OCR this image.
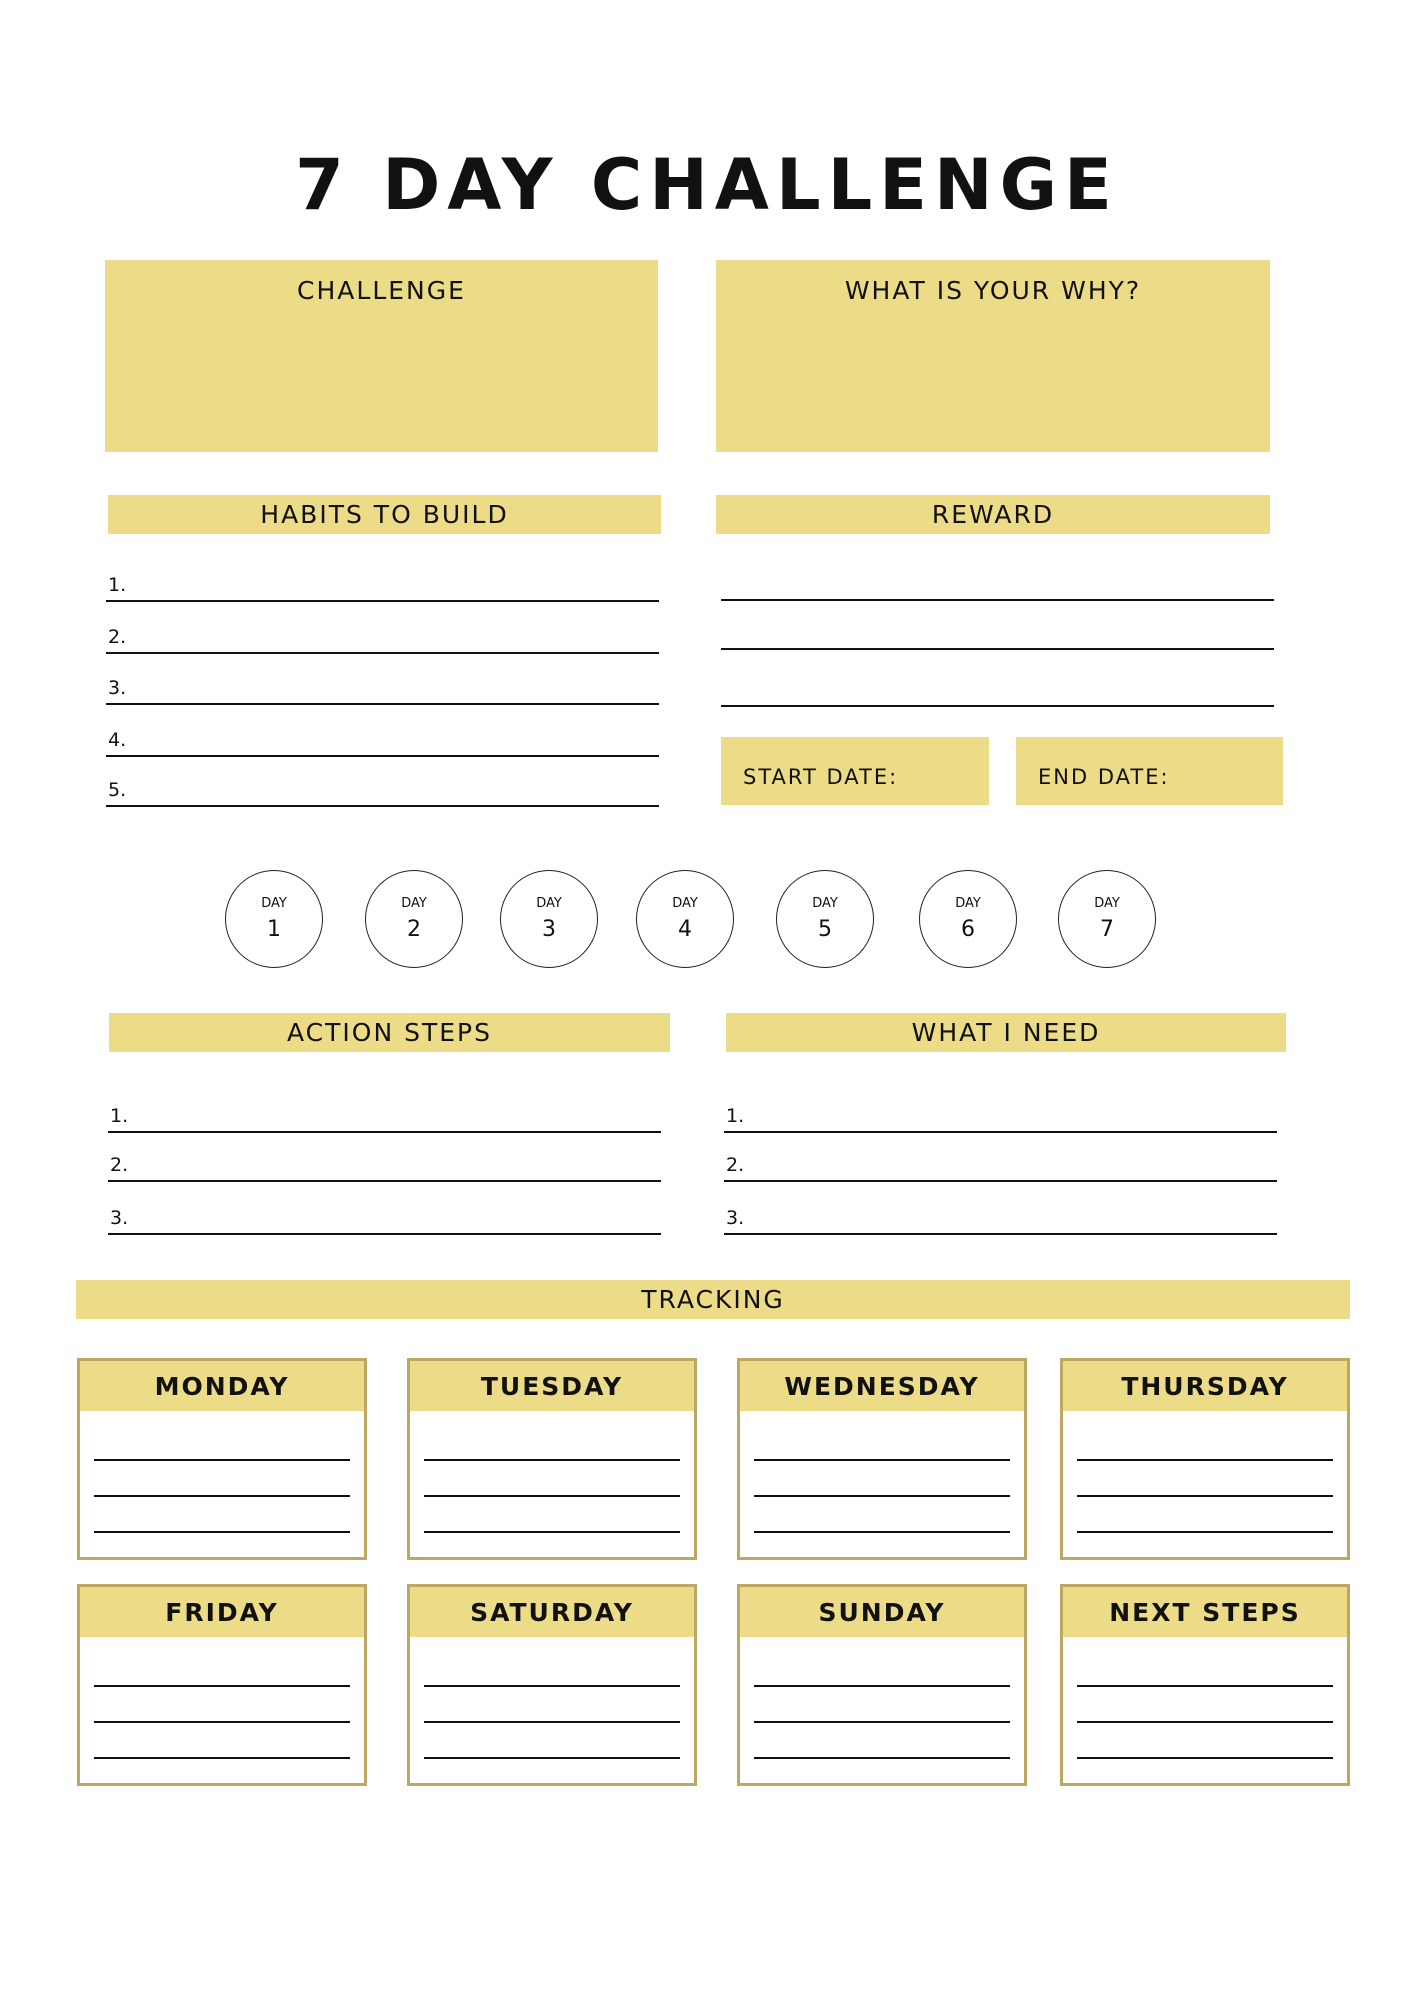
7 DAY CHALLENGE
CHALLENGE	WHAT IS YOUR WHY?
HABITS TO BUILD	REWARD
START DATE:	END DATE:
ACTION STEPS	WHAT I NEED
TRACKING
1.
2.
3.
4.
5.
DAY
1
DAY
2
DAY
3
DAY
4
DAY
5
DAY
6
DAY
7
1.	1.
2.	2.
3.	3.
MONDAY	TUESDAY	WEDNESDAY	THURSDAY
FRIDAY	SATURDAY	SUNDAY	NEXT STEPS
